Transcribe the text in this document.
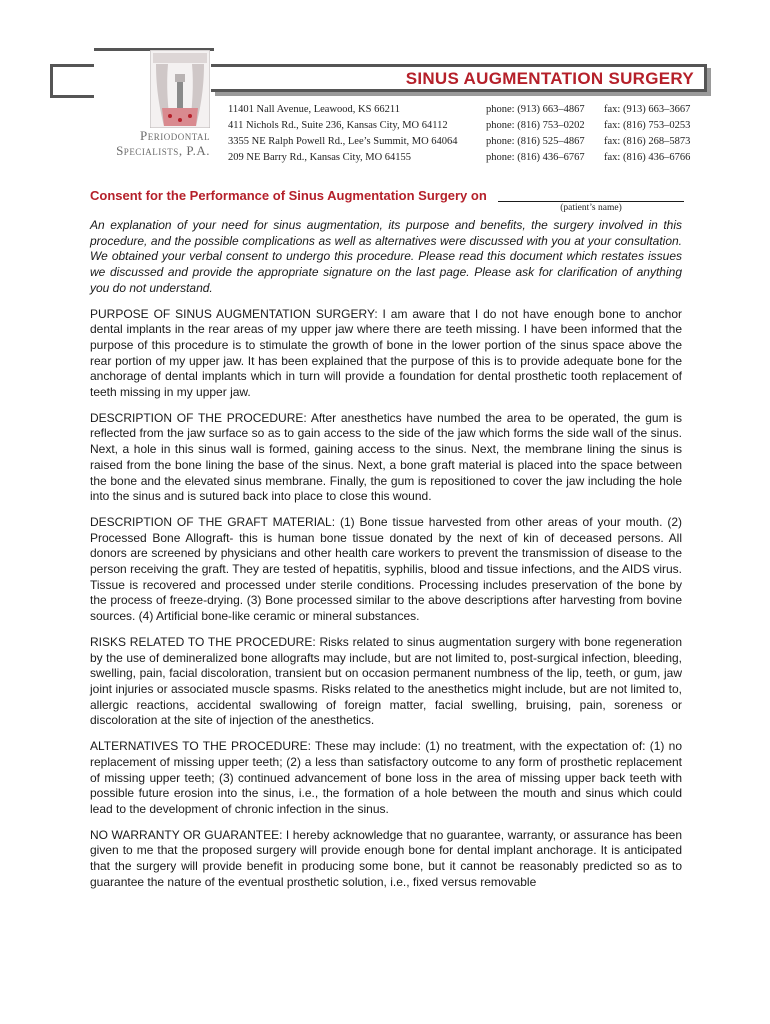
SINUS AUGMENTATION SURGERY
Periodontal
Specialists, P.A.
11401 Nall Avenue, Leawood, KS 66211	phone: (913) 663–4867 fax: (913) 663–3667
411 Nichols Rd., Suite 236, Kansas City, MO 64112	phone: (816) 753–0202 fax: (816) 753–0253
3355 NE Ralph Powell Rd., Lee’s Summit, MO 64064	phone: (816) 525–4867 fax: (816) 268–5873
209 NE Barry Rd., Kansas City, MO 64155	phone: (816) 436–6767 fax: (816) 436–6766
Consent for the Performance of Sinus Augmentation Surgery on
(patient’s name)

An explanation of your need for sinus augmentation, its purpose and benefits, the surgery involved in this procedure, and the possible complications as well as alternatives were discussed with you at your consultation. We obtained your verbal consent to undergo this procedure. Please read this document which restates issues we discussed and provide the appropriate signature on the last page. Please ask for clarification of anything you do not understand.

PURPOSE OF SINUS AUGMENTATION SURGERY: I am aware that I do not have enough bone to anchor dental implants in the rear areas of my upper jaw where there are teeth missing. I have been informed that the purpose of this procedure is to stimulate the growth of bone in the lower portion of the sinus space above the rear portion of my upper jaw. It has been explained that the purpose of this is to provide adequate bone for the anchorage of dental implants which in turn will provide a foundation for dental prosthetic tooth replacement of teeth missing in my upper jaw.

DESCRIPTION OF THE PROCEDURE: After anesthetics have numbed the area to be operated, the gum is reflected from the jaw surface so as to gain access to the side of the jaw which forms the side wall of the sinus. Next, a hole in this sinus wall is formed, gaining access to the sinus. Next, the membrane lining the sinus is raised from the bone lining the base of the sinus. Next, a bone graft material is placed into the space between the bone and the elevated sinus membrane. Finally, the gum is repositioned to cover the jaw including the hole into the sinus and is sutured back into place to close this wound.

DESCRIPTION OF THE GRAFT MATERIAL: (1) Bone tissue harvested from other areas of your mouth. (2) Processed Bone Allograft- this is human bone tissue donated by the next of kin of deceased persons. All donors are screened by physicians and other health care workers to prevent the transmission of disease to the person receiving the graft. They are tested of hepatitis, syphilis, blood and tissue infections, and the AIDS virus. Tissue is recovered and processed under sterile conditions. Processing includes preservation of the bone by the process of freeze-drying. (3) Bone processed similar to the above descriptions after harvesting from bovine sources. (4) Artificial bone-like ceramic or mineral substances.

RISKS RELATED TO THE PROCEDURE: Risks related to sinus augmentation surgery with bone regeneration by the use of demineralized bone allografts may include, but are not limited to, post-surgical infection, bleeding, swelling, pain, facial discoloration, transient but on occasion permanent numbness of the lip, teeth, or gum, jaw joint injuries or associated muscle spasms. Risks related to the anesthetics might include, but are not limited to, allergic reactions, accidental swallowing of foreign matter, facial swelling, bruising, pain, soreness or discoloration at the site of injection of the anesthetics.

ALTERNATIVES TO THE PROCEDURE: These may include: (1) no treatment, with the expectation of: (1) no replacement of missing upper teeth; (2) a less than satisfactory outcome to any form of prosthetic replacement of missing upper teeth; (3) continued advancement of bone loss in the area of missing upper back teeth with possible future erosion into the sinus, i.e., the formation of a hole between the mouth and sinus which could lead to the development of chronic infection in the sinus.

NO WARRANTY OR GUARANTEE: I hereby acknowledge that no guarantee, warranty, or assurance has been given to me that the proposed surgery will provide enough bone for dental implant anchorage. It is anticipated that the surgery will provide benefit in producing some bone, but it cannot be reasonably predicted so as to guarantee the nature of the eventual prosthetic solution, i.e., fixed versus removable
